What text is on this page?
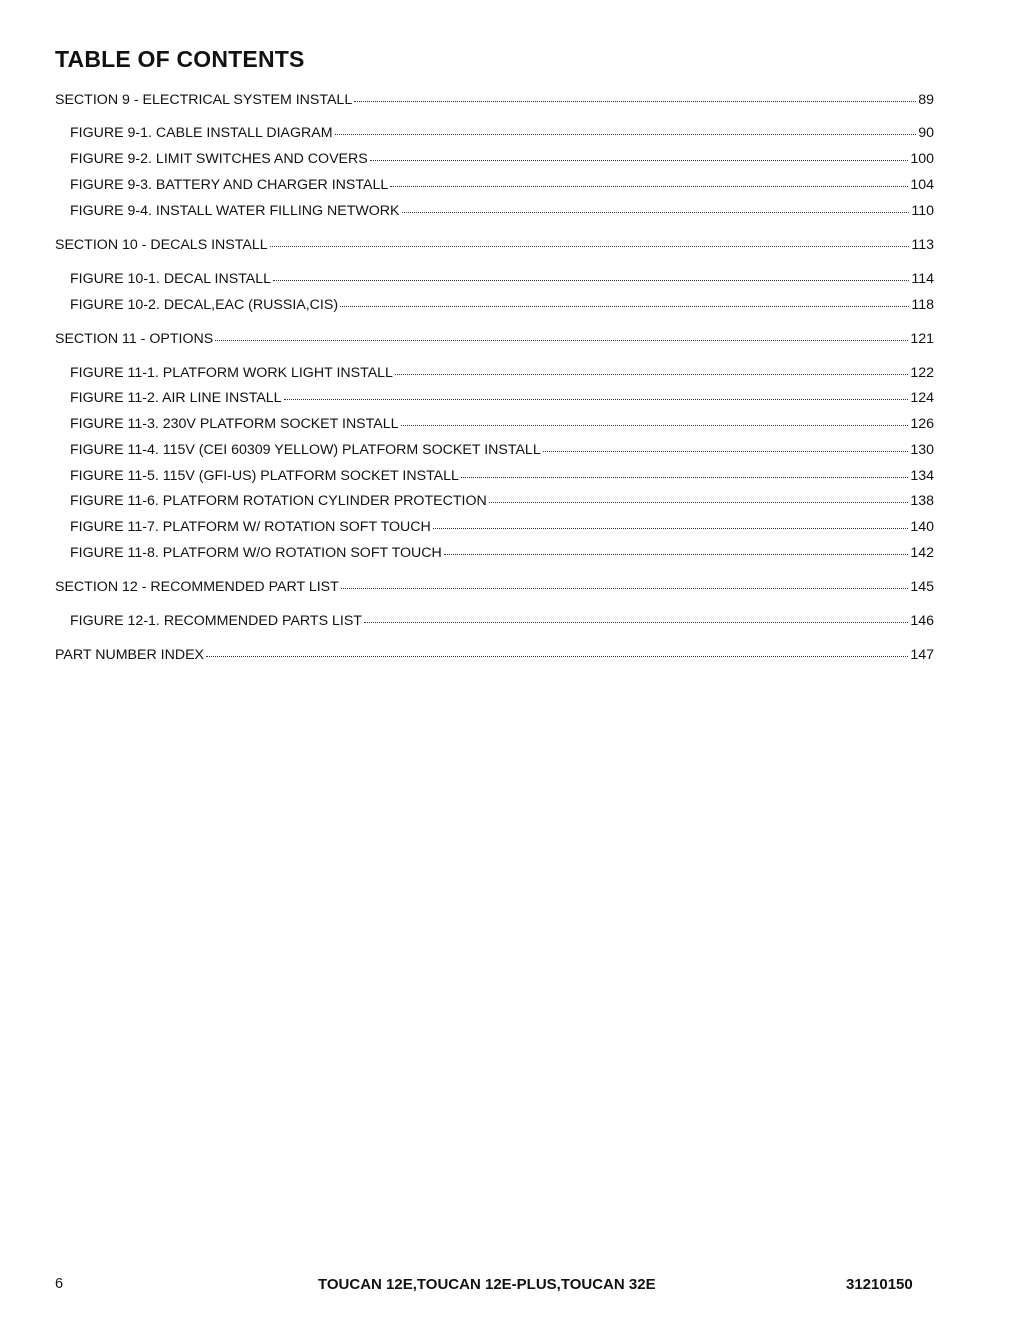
TABLE OF CONTENTS
SECTION 9 - ELECTRICAL SYSTEM INSTALL	89
FIGURE 9-1. CABLE INSTALL DIAGRAM	90
FIGURE 9-2. LIMIT SWITCHES AND COVERS	100
FIGURE 9-3. BATTERY AND CHARGER INSTALL	104
FIGURE 9-4. INSTALL WATER FILLING NETWORK	110
SECTION 10 - DECALS INSTALL	113
FIGURE 10-1. DECAL INSTALL	114
FIGURE 10-2. DECAL,EAC (RUSSIA,CIS)	118
SECTION 11 - OPTIONS	121
FIGURE 11-1. PLATFORM WORK LIGHT INSTALL	122
FIGURE 11-2. AIR LINE INSTALL	124
FIGURE 11-3. 230V PLATFORM SOCKET INSTALL	126
FIGURE 11-4. 115V (CEI 60309 YELLOW) PLATFORM SOCKET INSTALL	130
FIGURE 11-5. 115V (GFI-US) PLATFORM SOCKET INSTALL	134
FIGURE 11-6. PLATFORM ROTATION CYLINDER PROTECTION	138
FIGURE 11-7. PLATFORM W/ ROTATION SOFT TOUCH	140
FIGURE 11-8. PLATFORM W/O ROTATION SOFT TOUCH	142
SECTION 12 - RECOMMENDED PART LIST	145
FIGURE 12-1. RECOMMENDED PARTS LIST	146
PART NUMBER INDEX	147
6	TOUCAN 12E,TOUCAN 12E-PLUS,TOUCAN 32E	31210150
